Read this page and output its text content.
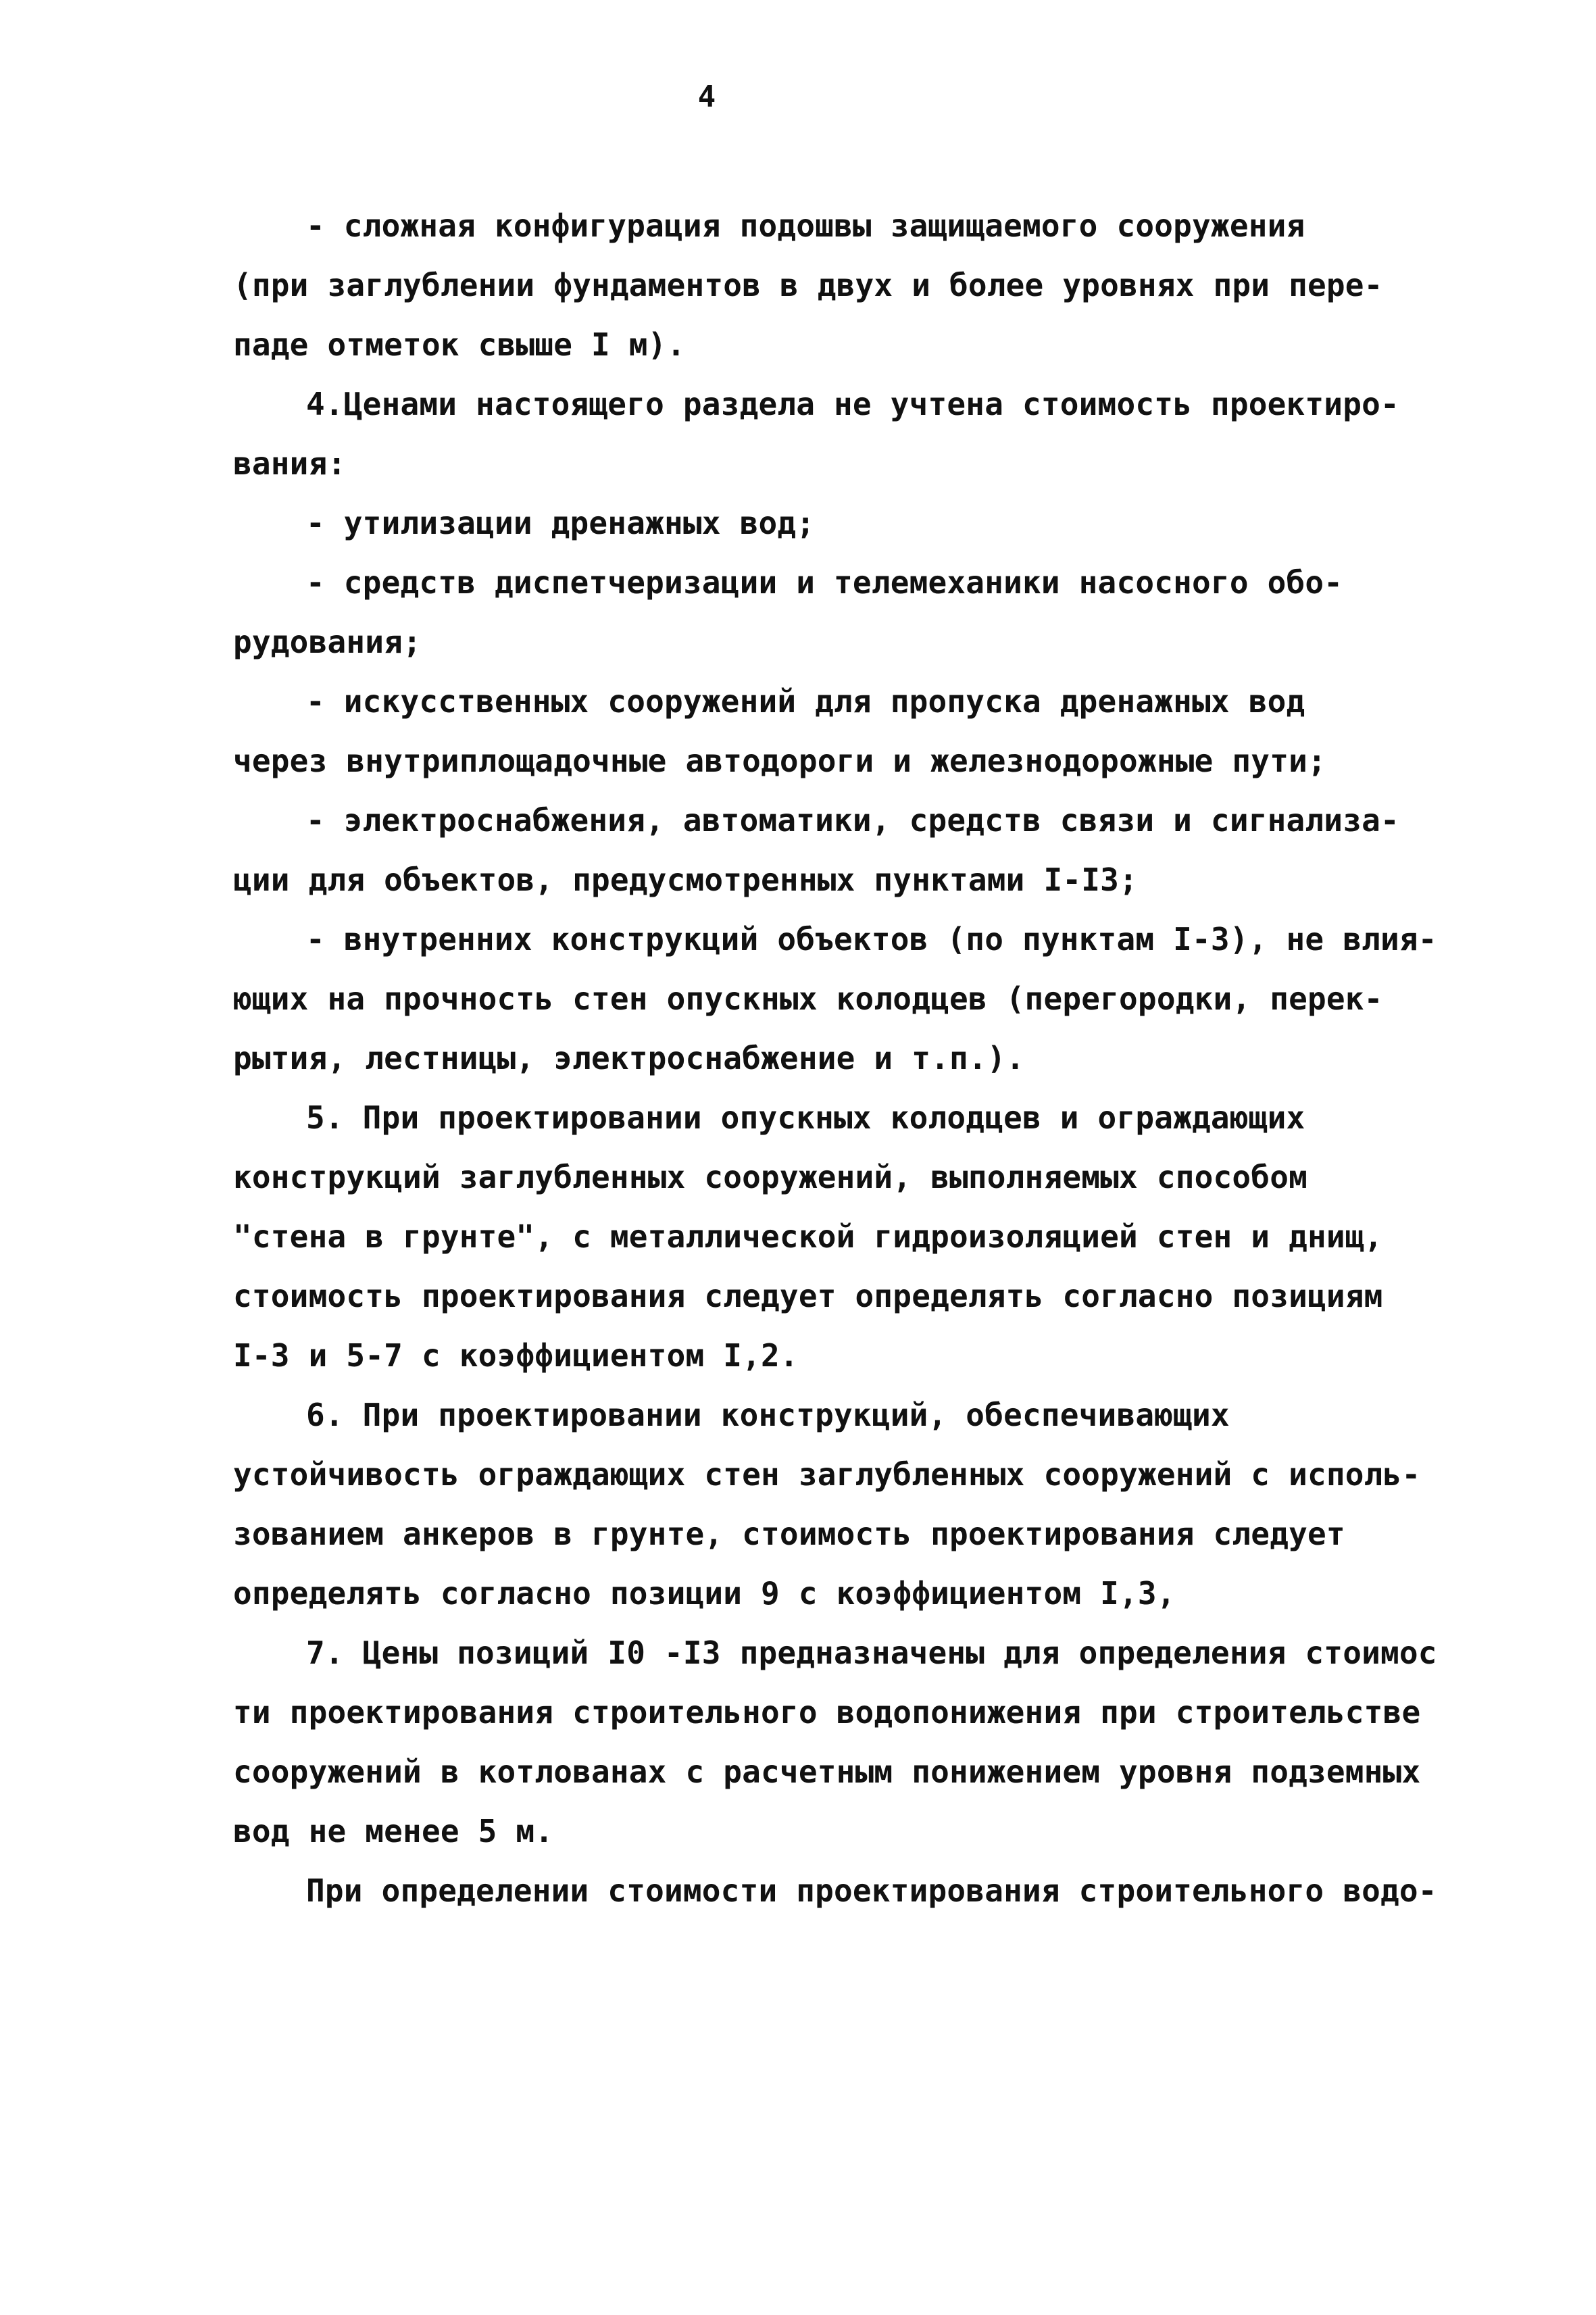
4
- сложная конфигурация подошвы защищаемого сооружения
(при заглублении фундаментов в двух и более уровнях при пере-
паде отметок свыше I м).
4.Ценами настоящего раздела не учтена стоимость проектиро-
вания:
- утилизации дренажных вод;
- средств диспетчеризации и телемеханики насосного обо-
рудования;
- искусственных сооружений для пропуска дренажных вод
через внутриплощадочные автодороги и железнодорожные пути;
- электроснабжения, автоматики, средств связи и сигнализа-
ции для объектов, предусмотренных пунктами I-I3;
- внутренних конструкций объектов (по пунктам I-3), не влия-
ющих на прочность стен опускных колодцев (перегородки, перек-
рытия, лестницы, электроснабжение и т.п.).
5. При проектировании опускных колодцев и ограждающих
конструкций заглубленных сооружений, выполняемых способом
"стена в грунте", с металлической гидроизоляцией стен и днищ,
стоимость проектирования следует определять согласно позициям
I-3 и 5-7 с коэффициентом I,2.
6. При проектировании конструкций, обеспечивающих
устойчивость ограждающих стен заглубленных сооружений с исполь-
зованием анкеров в грунте, стоимость проектирования следует
определять согласно позиции 9 с коэффициентом I,3,
7. Цены позиций I0 -I3 предназначены для определения стоимос
ти проектирования строительного водопонижения при строительстве
сооружений в котлованах с расчетным понижением уровня подземных
вод не менее 5 м.
При определении стоимости проектирования строительного водо-
